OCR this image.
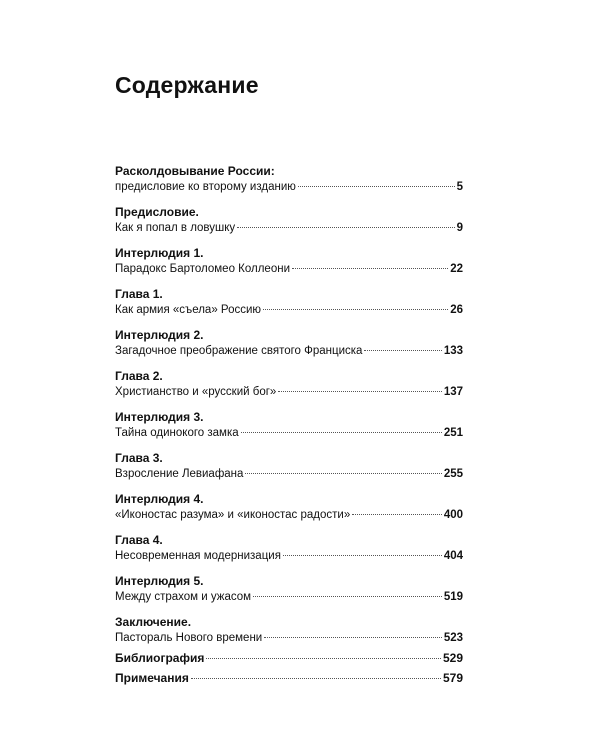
Содержание
Расколдовывание России:
предисловие ко второму изданию	5
Предисловие.
Как я попал в ловушку	9
Интерлюдия 1.
Парадокс Бартоломео Коллеони	22
Глава 1.
Как армия «съела» Россию	26
Интерлюдия 2.
Загадочное преображение святого Франциска	133
Глава 2.
Христианство и «русский бог»	137
Интерлюдия 3.
Тайна одинокого замка	251
Глава 3.
Взросление Левиафана	255
Интерлюдия 4.
«Иконостас разума» и «иконостас радости»	400
Глава 4.
Несовременная модернизация	404
Интерлюдия 5.
Между страхом и ужасом	519
Заключение.
Пастораль Нового времени	523
Библиография	529
Примечания	579
